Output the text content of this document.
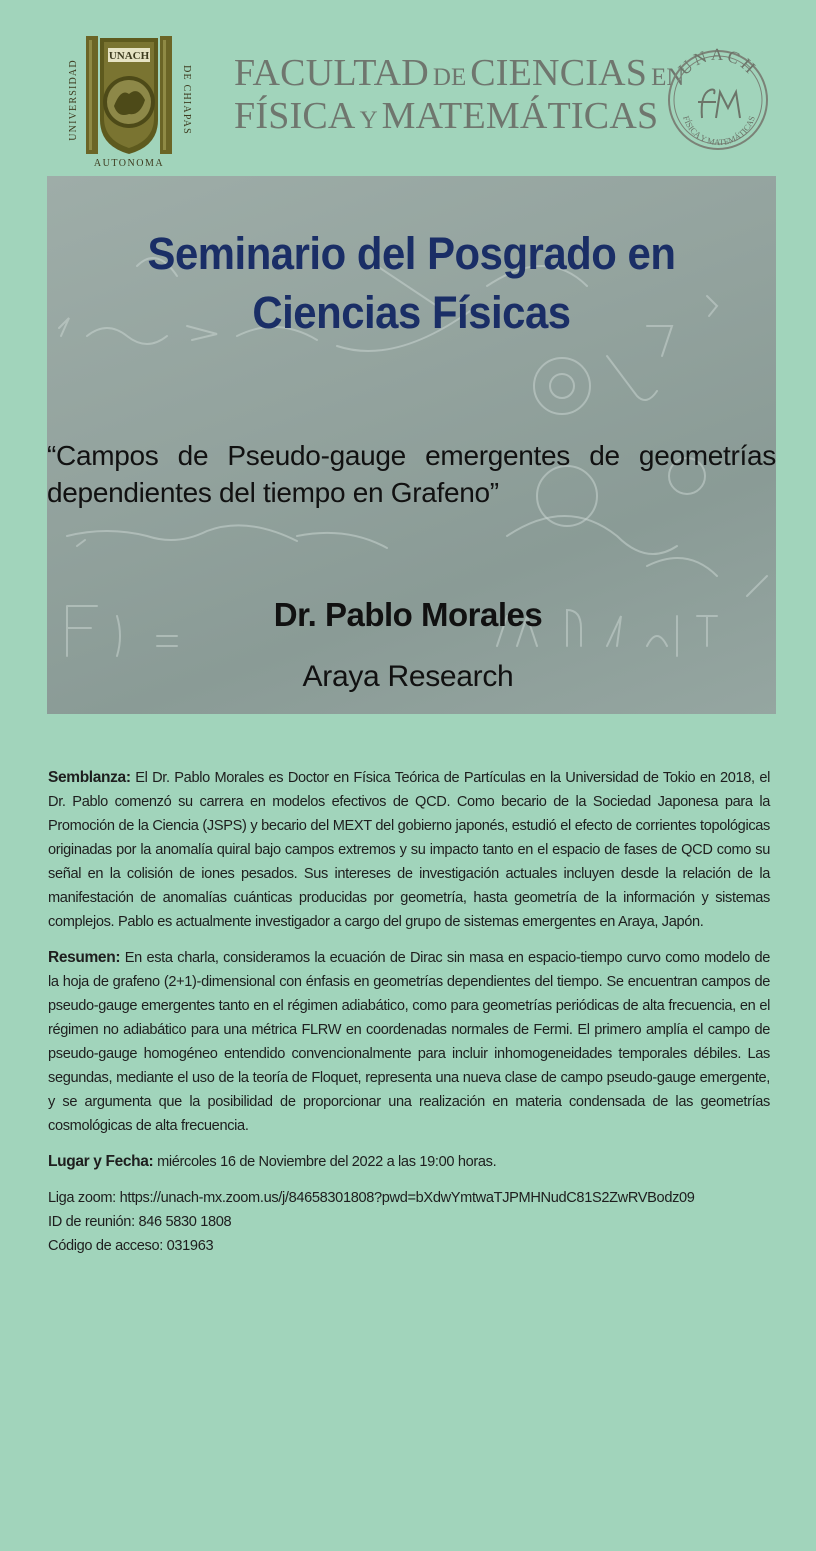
UNIVERSIDAD	DE CHIAPAS
UNACH
AUTONOMA
FACULTAD DE CIENCIAS EN
FÍSICA Y MATEMÁTICAS
UNACH
FÍSICA Y MATEMÁTICAS
Seminario del Posgrado en Ciencias Físicas
“Campos de Pseudo-gauge emergentes de geometrías dependientes del tiempo en Grafeno”
Dr. Pablo Morales
Araya Research

Semblanza: El Dr. Pablo Morales es Doctor en Física Teórica de Partículas en la Universidad de Tokio en 2018, el Dr. Pablo comenzó su carrera en modelos efectivos de QCD. Como becario de la Sociedad Japonesa para la Promoción de la Ciencia (JSPS) y becario del MEXT del gobierno japonés, estudió el efecto de corrientes topológicas originadas por la anomalía quiral bajo campos extremos y su impacto tanto en el espacio de fases de QCD como su señal en la colisión de iones pesados. Sus intereses de investigación actuales incluyen desde la relación de la manifestación de anomalías cuánticas producidas por geometría, hasta geometría de la información y sistemas complejos. Pablo es actualmente investigador a cargo del grupo de sistemas emergentes en Araya, Japón.

Resumen: En esta charla, consideramos la ecuación de Dirac sin masa en espacio-tiempo curvo como modelo de la hoja de grafeno (2+1)-dimensional con énfasis en geometrías dependientes del tiempo. Se encuentran campos de pseudo-gauge emergentes tanto en el régimen adiabático, como para geometrías periódicas de alta frecuencia, en el régimen no adiabático para una métrica FLRW en coordenadas normales de Fermi. El primero amplía el campo de pseudo-gauge homogéneo entendido convencionalmente para incluir inhomogeneidades temporales débiles. Las segundas, mediante el uso de la teoría de Floquet, representa una nueva clase de campo pseudo-gauge emergente, y se argumenta que la posibilidad de proporcionar una realización en materia condensada de las geometrías cosmológicas de alta frecuencia.

Lugar y Fecha: miércoles 16 de Noviembre del 2022 a las 19:00 horas.

Liga zoom: https://unach-mx.zoom.us/j/84658301808?pwd=bXdwYmtwaTJPMHNudC81S2ZwRVBodz09
ID de reunión: 846 5830 1808
Código de acceso: 031963
